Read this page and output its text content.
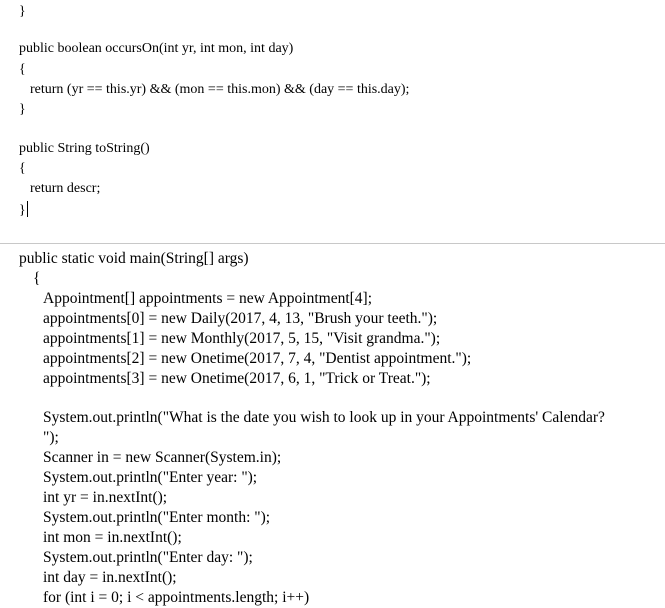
}
public boolean occursOn(int yr, int mon, int day)
{
return (yr == this.yr) && (mon == this.mon) && (day == this.day);
}
public String toString()
{
return descr;
}
public static void main(String[] args)
{
Appointment[] appointments = new Appointment[4];
appointments[0] = new Daily(2017, 4, 13, "Brush your teeth.");
appointments[1] = new Monthly(2017, 5, 15, "Visit grandma.");
appointments[2] = new Onetime(2017, 7, 4, "Dentist appointment.");
appointments[3] = new Onetime(2017, 6, 1, "Trick or Treat.");
System.out.println("What is the date you wish to look up in your Appointments' Calendar?
");
Scanner in = new Scanner(System.in);
System.out.println("Enter year: ");
int yr = in.nextInt();
System.out.println("Enter month: ");
int mon = in.nextInt();
System.out.println("Enter day: ");
int day = in.nextInt();
for (int i = 0; i < appointments.length; i++)
